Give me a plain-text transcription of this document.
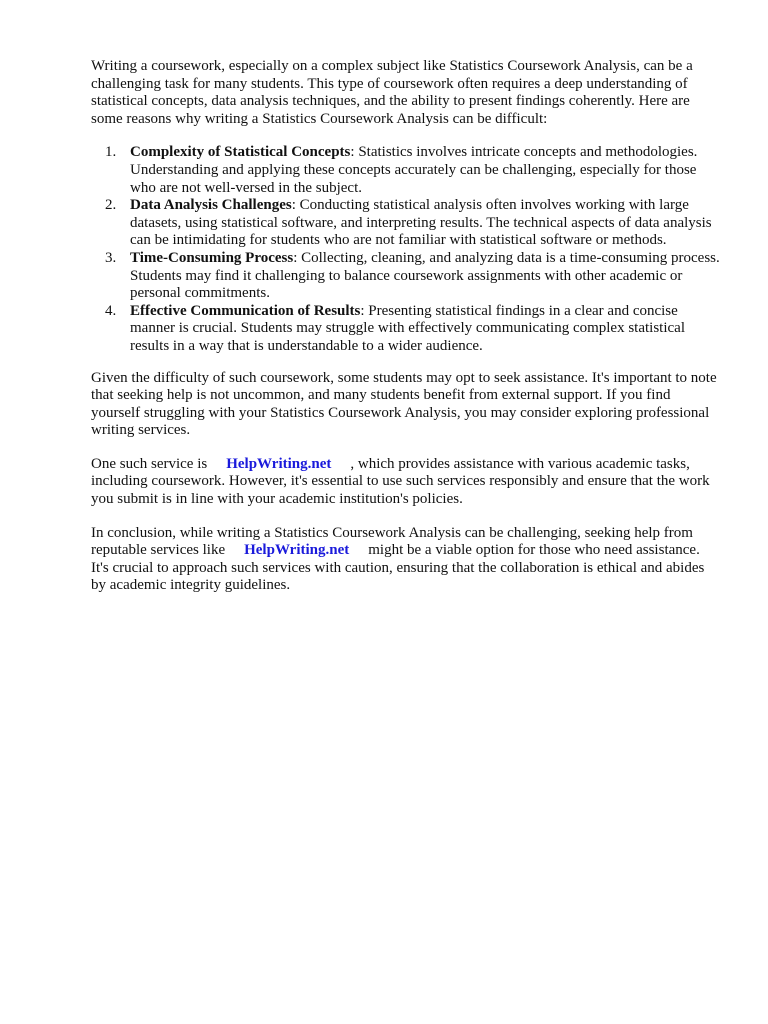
Writing a coursework, especially on a complex subject like Statistics Coursework Analysis, can be a challenging task for many students. This type of coursework often requires a deep understanding of statistical concepts, data analysis techniques, and the ability to present findings coherently. Here are some reasons why writing a Statistics Coursework Analysis can be difficult:

1. Complexity of Statistical Concepts: Statistics involves intricate concepts and methodologies. Understanding and applying these concepts accurately can be challenging, especially for those who are not well-versed in the subject.
2. Data Analysis Challenges: Conducting statistical analysis often involves working with large datasets, using statistical software, and interpreting results. The technical aspects of data analysis can be intimidating for students who are not familiar with statistical software or methods.
3. Time-Consuming Process: Collecting, cleaning, and analyzing data is a time-consuming process. Students may find it challenging to balance coursework assignments with other academic or personal commitments.
4. Effective Communication of Results: Presenting statistical findings in a clear and concise manner is crucial. Students may struggle with effectively communicating complex statistical results in a way that is understandable to a wider audience.

Given the difficulty of such coursework, some students may opt to seek assistance. It's important to note that seeking help is not uncommon, and many students benefit from external support. If you find yourself struggling with your Statistics Coursework Analysis, you may consider exploring professional writing services.

One such service is HelpWriting.net , which provides assistance with various academic tasks, including coursework. However, it's essential to use such services responsibly and ensure that the work you submit is in line with your academic institution's policies.

In conclusion, while writing a Statistics Coursework Analysis can be challenging, seeking help from reputable services like HelpWriting.net might be a viable option for those who need assistance. It's crucial to approach such services with caution, ensuring that the collaboration is ethical and abides by academic integrity guidelines.
